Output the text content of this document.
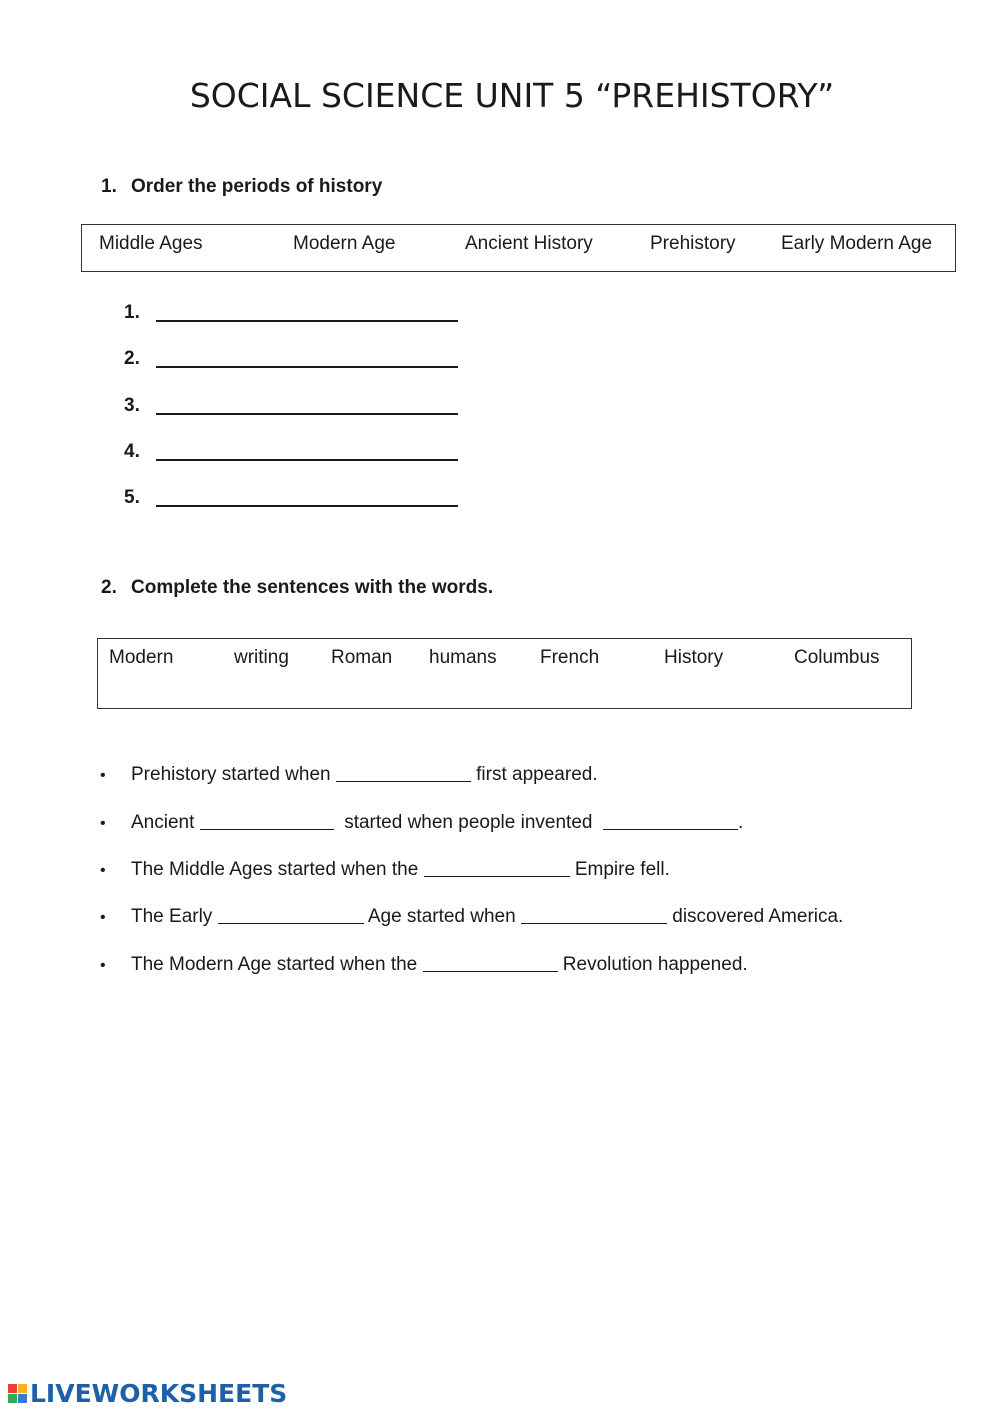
SOCIAL SCIENCE UNIT 5 “PREHISTORY”
1. Order the periods of history
Middle Ages	Modern Age	Ancient History	Prehistory Early Modern Age
1.
2.
3.
4.
5.
2. Complete the sentences with the words.
Modern	writing Roman humans French	History	Columbus
• Prehistory started when	first appeared.
• Ancient	started when people invented	.
• The Middle Ages started when the	Empire fell.
• The Early	Age started when	discovered America.
• The Modern Age started when the	Revolution happened.
LIVEWORKSHEETS
